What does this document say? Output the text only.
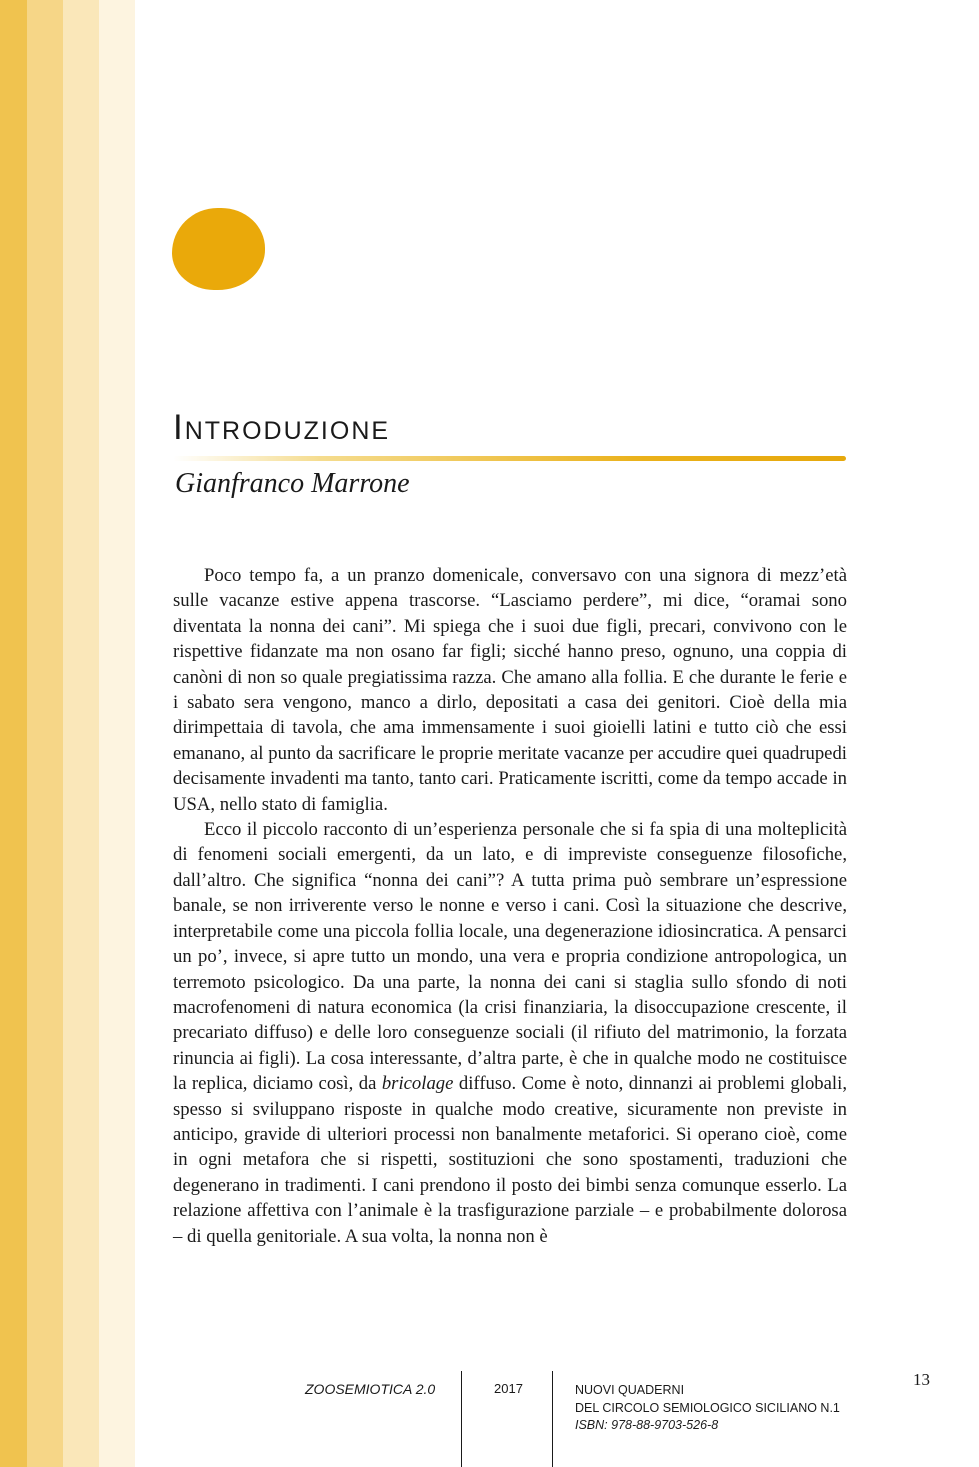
Introduzione
Gianfranco Marrone

Poco tempo fa, a un pranzo domenicale, conversavo con una signora di mezz’età sulle vacanze estive appena trascorse. “Lasciamo perdere”, mi dice, “oramai sono diventata la nonna dei cani”. Mi spiega che i suoi due figli, precari, convivono con le rispettive fidanzate ma non osano far figli; sicché hanno preso, ognuno, una coppia di canòni di non so quale pregiatissima razza. Che amano alla follia. E che durante le ferie e i sabato sera vengono, manco a dirlo, depositati a casa dei genitori. Cioè della mia dirimpettaia di tavola, che ama immensamente i suoi gioielli latini e tutto ciò che essi emanano, al punto da sacrificare le proprie meritate vacanze per accudire quei quadrupedi decisamente invadenti ma tanto, tanto cari. Praticamente iscritti, come da tempo accade in USA, nello stato di famiglia.

Ecco il piccolo racconto di un’esperienza personale che si fa spia di una molteplicità di fenomeni sociali emergenti, da un lato, e di impreviste conseguenze filosofiche, dall’altro. Che significa “nonna dei cani”? A tutta prima può sembrare un’espressione banale, se non irriverente verso le nonne e verso i cani. Così la situazione che descrive, interpretabile come una piccola follia locale, una degenerazione idiosincratica. A pensarci un po’, invece, si apre tutto un mondo, una vera e propria condizione antropologica, un terremoto psicologico. Da una parte, la nonna dei cani si staglia sullo sfondo di noti macrofenomeni di natura economica (la crisi finanziaria, la disoccupazione crescente, il precariato diffuso) e delle loro conseguenze sociali (il rifiuto del matrimonio, la forzata rinuncia ai figli). La cosa interessante, d’altra parte, è che in qualche modo ne costituisce la replica, diciamo così, da bricolage diffuso. Come è noto, dinnanzi ai problemi globali, spesso si sviluppano risposte in qualche modo creative, sicuramente non previste in anticipo, gravide di ulteriori processi non banalmente metaforici. Si operano cioè, come in ogni metafora che si rispetti, sostituzioni che sono spostamenti, traduzioni che degenerano in tradimenti. I cani prendono il posto dei bimbi senza comunque esserlo. La relazione affettiva con l’animale è la trasfigurazione parziale – e probabilmente dolorosa – di quella genitoriale. A sua volta, la nonna non è

ZOOSEMIOTICA 2.0	2017	NUOVI QUADERNI
DEL CIRCOLO SEMIOLOGICO SICILIANO N.1
ISBN: 978-88-9703-526-8
13
